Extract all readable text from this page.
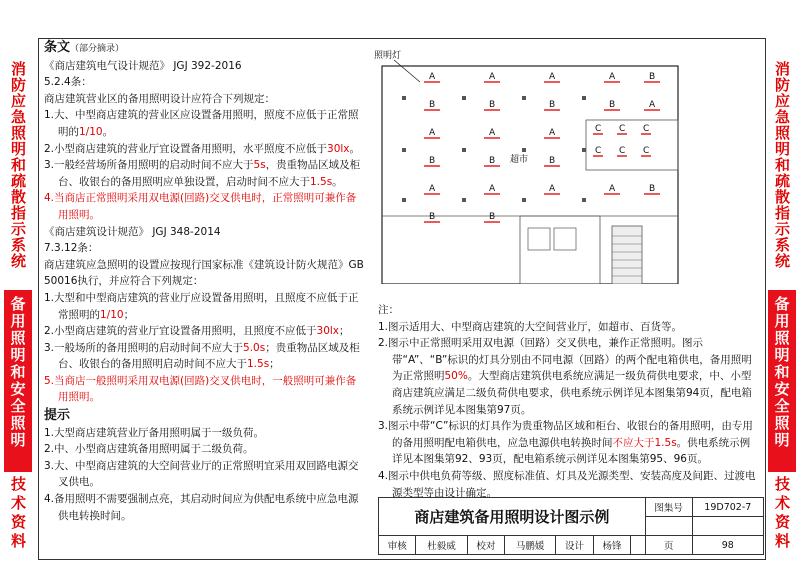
消防应急照明和疏散指示系统
备用照明和安全照明
技术资料
消防应急照明和疏散指示系统
备用照明和安全照明
技术资料

条文（部分摘录）

《商店建筑电气设计规范》 JGJ 392-2016

5.2.4条：

商店建筑营业区的备用照明设计应符合下列规定：

1.大、中型商店建筑的营业区应设置备用照明，照度不应低于正常照明的1/10。

2.小型商店建筑的营业厅宜设置备用照明，水平照度不应低于30lx。

3.一般经营场所备用照明的启动时间不应大于5s，贵重物品区域及柜台、收银台的备用照明应单独设置，启动时间不应大于1.5s。

4.当商店正常照明采用双电源(回路)交叉供电时，正常照明可兼作备用照明。

《商店建筑设计规范》 JGJ 348-2014

7.3.12条：

商店建筑应急照明的设置应按现行国家标准《建筑设计防火规范》GB 50016执行，并应符合下列规定：

1.大型和中型商店建筑的营业厅应设置备用照明，且照度不应低于正常照明的1/10；

2.小型商店建筑的营业厅宜设置备用照明，且照度不应低于30lx；

3.一般场所的备用照明的启动时间不应大于5.0s；贵重物品区域及柜台、收银台的备用照明启动时间不应大于1.5s；

5.当商店一般照明采用双电源(回路)交叉供电时，一般照明可兼作备用照明。

提示

1.大型商店建筑营业厅备用照明属于一级负荷。

2.中、小型商店建筑备用照明属于二级负荷。

3.大、中型商店建筑的大空间营业厅的正常照明宜采用双回路电源交叉供电。

4.备用照明不需要强制点亮，其启动时间应为供配电系统中应急电源供电转换时间。

照明灯
超市
A	A	A
B	B	B
A	A	A
B	B	B
A	A	A
B	B
A	B
B	A
C C C
C C C
A	B

注：

1.图示适用大、中型商店建筑的大空间营业厅，如超市、百货等。

2.图示中正常照明采用双电源（回路）交叉供电，兼作正常照明。图示带“A”、“B”标识的灯具分别由不同电源（回路）的两个配电箱供电，备用照明为正常照明50%。大型商店建筑供电系统应满足一级负荷供电要求，中、小型商店建筑应满足二级负荷供电要求，供电系统示例详见本图集第94页，配电箱系统示例详见本图集第97页。

3.图示中带“C”标识的灯具作为贵重物品区域和柜台、收银台的备用照明，由专用的备用照明配电箱供电，应急电源供电转换时间不应大于1.5s。供电系统示例详见本图集第92、93页，配电箱系统示例详见本图集第95、96页。

4.图示中供电负荷等级、照度标准值、灯具及光源类型、安装高度及间距、过渡电源类型等由设计确定。

商店建筑备用照明设计图示例							图集号	19D702-7

审核	杜毅威	校对	马鹏媛	设计	杨锋		页	98
